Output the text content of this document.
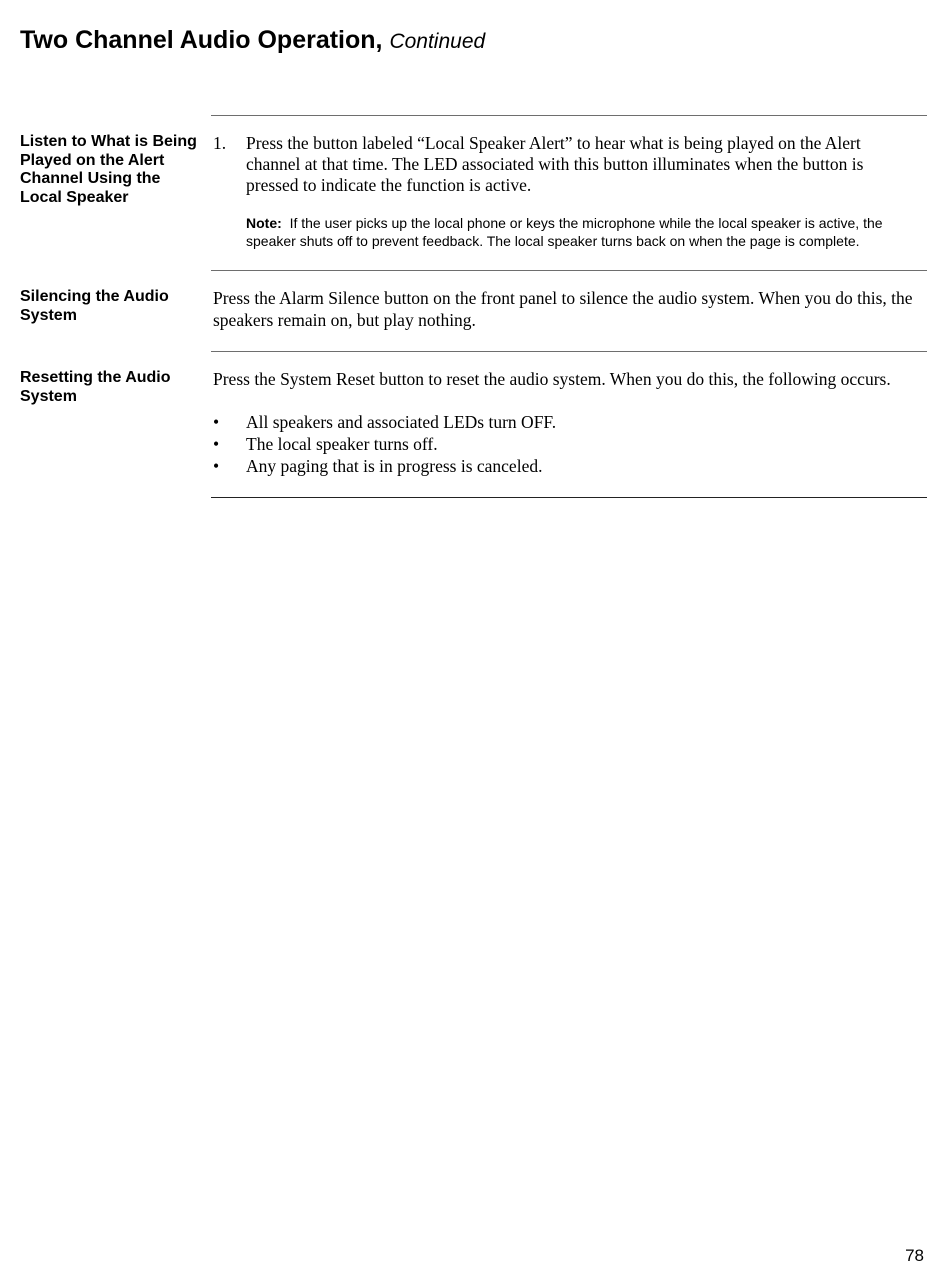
Two Channel Audio Operation, Continued
Listen to What is Being Played on the Alert Channel Using the Local Speaker
1. Press the button labeled “Local Speaker Alert” to hear what is being played on the Alert channel at that time. The LED associated with this button illuminates when the button is pressed to indicate the function is active.
Note: If the user picks up the local phone or keys the microphone while the local speaker is active, the speaker shuts off to prevent feedback. The local speaker turns back on when the page is complete.
Silencing the Audio System
Press the Alarm Silence button on the front panel to silence the audio system. When you do this, the speakers remain on, but play nothing.
Resetting the Audio System
Press the System Reset button to reset the audio system. When you do this, the following occurs.
• All speakers and associated LEDs turn OFF.
• The local speaker turns off.
• Any paging that is in progress is canceled.
78
